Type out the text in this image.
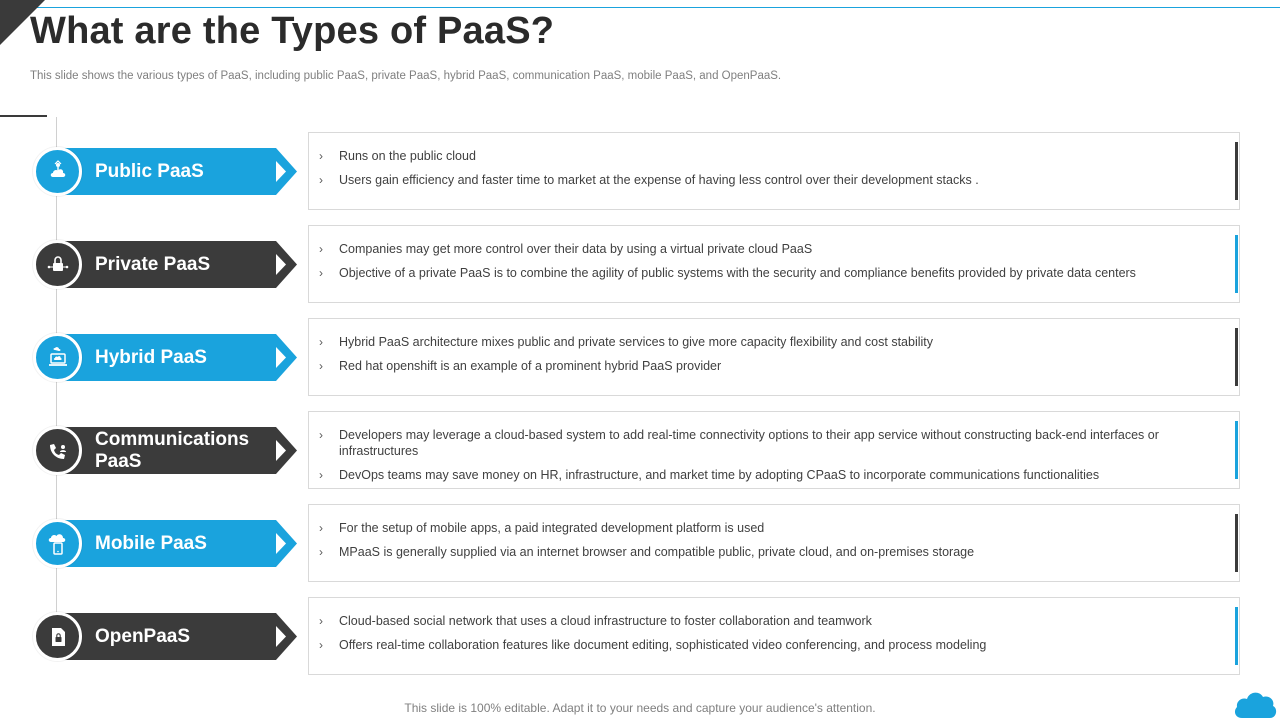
What are the Types of PaaS?

This slide shows the various types of PaaS, including public PaaS, private PaaS, hybrid PaaS, communication PaaS, mobile PaaS, and OpenPaaS.

Public PaaS
› Runs on the public cloud
› Users gain efficiency and faster time to market at the expense of having less control over their development stacks .
Private PaaS
› Companies may get more control over their data by using a virtual private cloud PaaS
› Objective of a private PaaS is to combine the agility of public systems with the security and compliance benefits provided by private data centers
Hybrid PaaS
› Hybrid PaaS architecture mixes public and private services to give more capacity flexibility and cost stability
› Red hat openshift is an example of a prominent hybrid PaaS provider
Communications PaaS
› Developers may leverage a cloud-based system to add real-time connectivity options to their app service without constructing back-end interfaces or infrastructures
› DevOps teams may save money on HR, infrastructure, and market time by adopting CPaaS to incorporate communications functionalities
Mobile PaaS
› For the setup of mobile apps, a paid integrated development platform is used
› MPaaS is generally supplied via an internet browser and compatible public, private cloud, and on-premises storage
OpenPaaS
› Cloud-based social network that uses a cloud infrastructure to foster collaboration and teamwork
› Offers real-time collaboration features like document editing, sophisticated video conferencing, and process modeling

This slide is 100% editable. Adapt it to your needs and capture your audience's attention.
